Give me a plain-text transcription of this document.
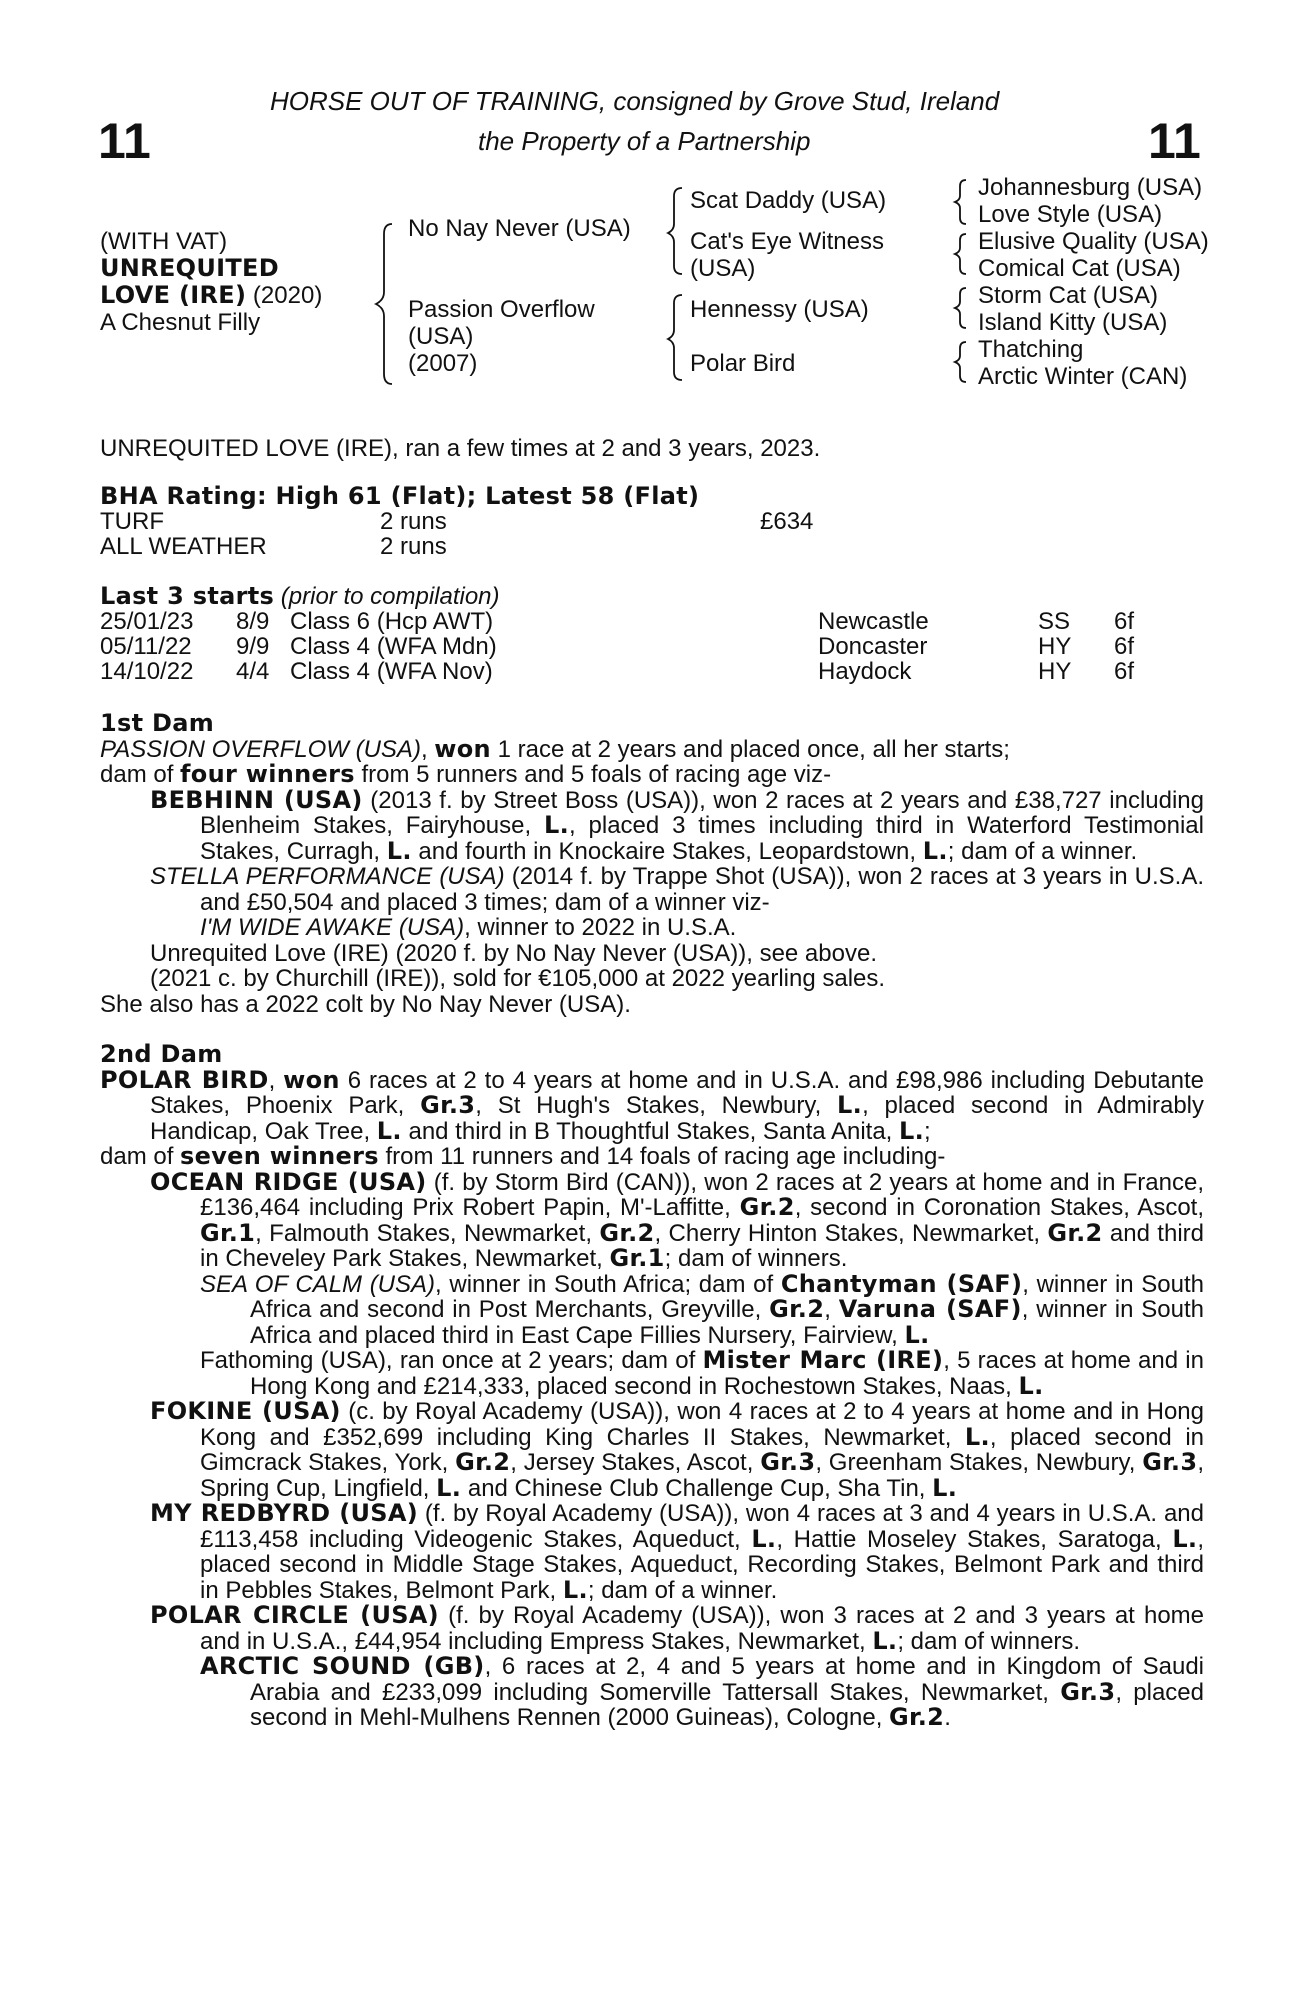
HORSE OUT OF TRAINING, consigned by Grove Stud, Ireland
the Property of a Partnership
11	11
(WITH VAT)
UNREQUITED
LOVE (IRE) (2020)
A Chesnut Filly
No Nay Never (USA)
Passion Overflow
(USA)
(2007)
Scat Daddy (USA)
Cat's Eye Witness
(USA)
Hennessy (USA)
Polar Bird
Johannesburg (USA)
Love Style (USA)
Elusive Quality (USA)
Comical Cat (USA)
Storm Cat (USA)
Island Kitty (USA)
Thatching
Arctic Winter (CAN)
UNREQUITED LOVE (IRE), ran a few times at 2 and 3 years, 2023.
BHA Rating: High 61 (Flat); Latest 58 (Flat)
TURF	2 runs	£634
ALL WEATHER	2 runs
Last 3 starts (prior to compilation)
25/01/23 8/9 Class 6 (Hcp AWT)	Newcastle	SS 6f
05/11/22 9/9 Class 4 (WFA Mdn)	Doncaster	HY 6f
14/10/22 4/4 Class 4 (WFA Nov)	Haydock	HY 6f

1st Dam

PASSION OVERFLOW (USA), won 1 race at 2 years and placed once, all her starts;

dam of four winners from 5 runners and 5 foals of racing age viz-

BEBHINN (USA) (2013 f. by Street Boss (USA)), won 2 races at 2 years and £38,727 including Blenheim Stakes, Fairyhouse, L., placed 3 times including third in Waterford Testimonial Stakes, Curragh, L. and fourth in Knockaire Stakes, Leopardstown, L.; dam of a winner.

STELLA PERFORMANCE (USA) (2014 f. by Trappe Shot (USA)), won 2 races at 3 years in U.S.A. and £50,504 and placed 3 times; dam of a winner viz-

I'M WIDE AWAKE (USA), winner to 2022 in U.S.A.

Unrequited Love (IRE) (2020 f. by No Nay Never (USA)), see above.

(2021 c. by Churchill (IRE)), sold for €105,000 at 2022 yearling sales.

She also has a 2022 colt by No Nay Never (USA).

2nd Dam

POLAR BIRD, won 6 races at 2 to 4 years at home and in U.S.A. and £98,986 including Debutante Stakes, Phoenix Park, Gr.3, St Hugh's Stakes, Newbury, L., placed second in Admirably Handicap, Oak Tree, L. and third in B Thoughtful Stakes, Santa Anita, L.;

dam of seven winners from 11 runners and 14 foals of racing age including-

OCEAN RIDGE (USA) (f. by Storm Bird (CAN)), won 2 races at 2 years at home and in France, £136,464 including Prix Robert Papin, M'-Laffitte, Gr.2, second in Coronation Stakes, Ascot, Gr.1, Falmouth Stakes, Newmarket, Gr.2, Cherry Hinton Stakes, Newmarket, Gr.2 and third in Cheveley Park Stakes, Newmarket, Gr.1; dam of winners.

SEA OF CALM (USA), winner in South Africa; dam of Chantyman (SAF), winner in South Africa and second in Post Merchants, Greyville, Gr.2, Varuna (SAF), winner in South Africa and placed third in East Cape Fillies Nursery, Fairview, L.

Fathoming (USA), ran once at 2 years; dam of Mister Marc (IRE), 5 races at home and in Hong Kong and £214,333, placed second in Rochestown Stakes, Naas, L.

FOKINE (USA) (c. by Royal Academy (USA)), won 4 races at 2 to 4 years at home and in Hong Kong and £352,699 including King Charles II Stakes, Newmarket, L., placed second in Gimcrack Stakes, York, Gr.2, Jersey Stakes, Ascot, Gr.3, Greenham Stakes, Newbury, Gr.3, Spring Cup, Lingfield, L. and Chinese Club Challenge Cup, Sha Tin, L.

MY REDBYRD (USA) (f. by Royal Academy (USA)), won 4 races at 3 and 4 years in U.S.A. and £113,458 including Videogenic Stakes, Aqueduct, L., Hattie Moseley Stakes, Saratoga, L., placed second in Middle Stage Stakes, Aqueduct, Recording Stakes, Belmont Park and third in Pebbles Stakes, Belmont Park, L.; dam of a winner.

POLAR CIRCLE (USA) (f. by Royal Academy (USA)), won 3 races at 2 and 3 years at home and in U.S.A., £44,954 including Empress Stakes, Newmarket, L.; dam of winners.

ARCTIC SOUND (GB), 6 races at 2, 4 and 5 years at home and in Kingdom of Saudi Arabia and £233,099 including Somerville Tattersall Stakes, Newmarket, Gr.3, placed second in Mehl-Mulhens Rennen (2000 Guineas), Cologne, Gr.2.
